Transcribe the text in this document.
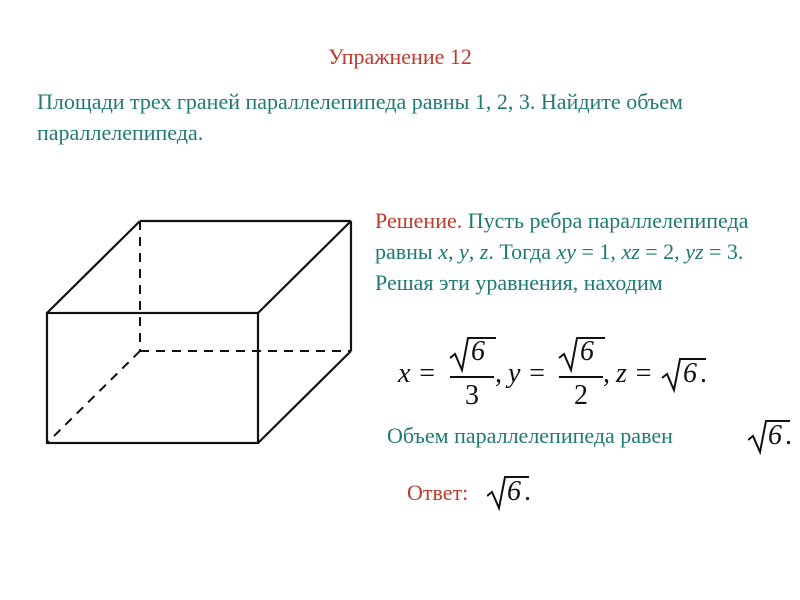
Упражнение 12
Площади трех граней параллелепипеда равны 1, 2, 3. Найдите объем параллелепипеда.
Решение. Пусть ребра параллелепипеда равны x, y, z. Тогда xy = 1, xz = 2, yz = 3. Решая эти уравнения, находим
x =
6
3
, y =
6
2
, z = 6 .
Объем параллелепипеда равен	6 .
Ответ: 6 .
